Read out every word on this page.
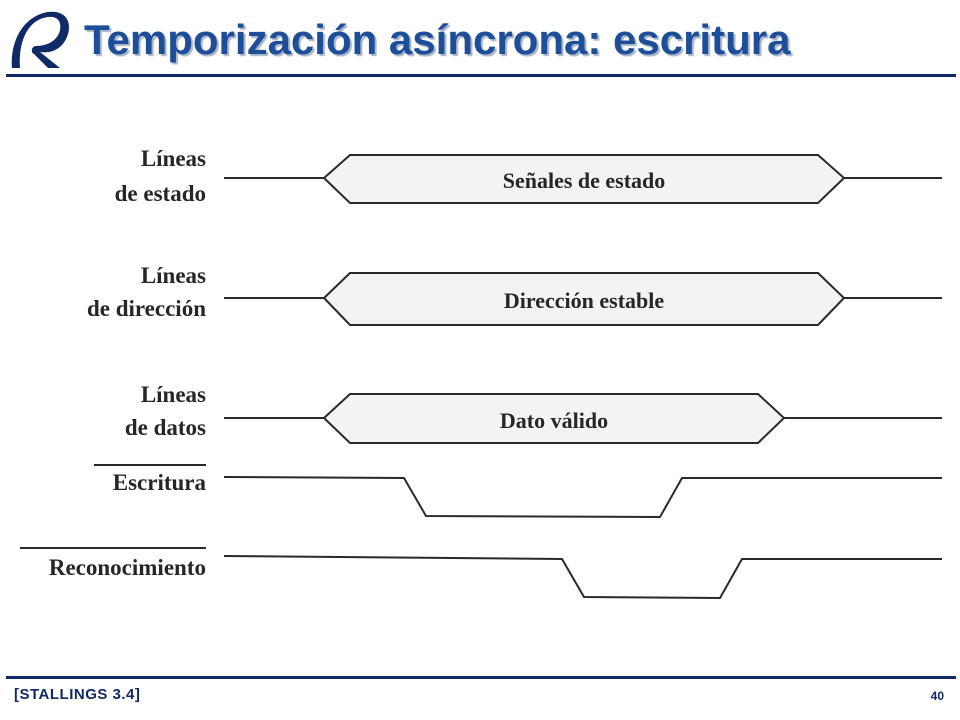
Temporización asíncrona: escritura
Líneas
de estado
Señales de estado
Líneas
de dirección	Dirección estable
Líneas
de datos	Dato válido
Escritura
Reconocimiento
[STALLINGS 3.4]	40
